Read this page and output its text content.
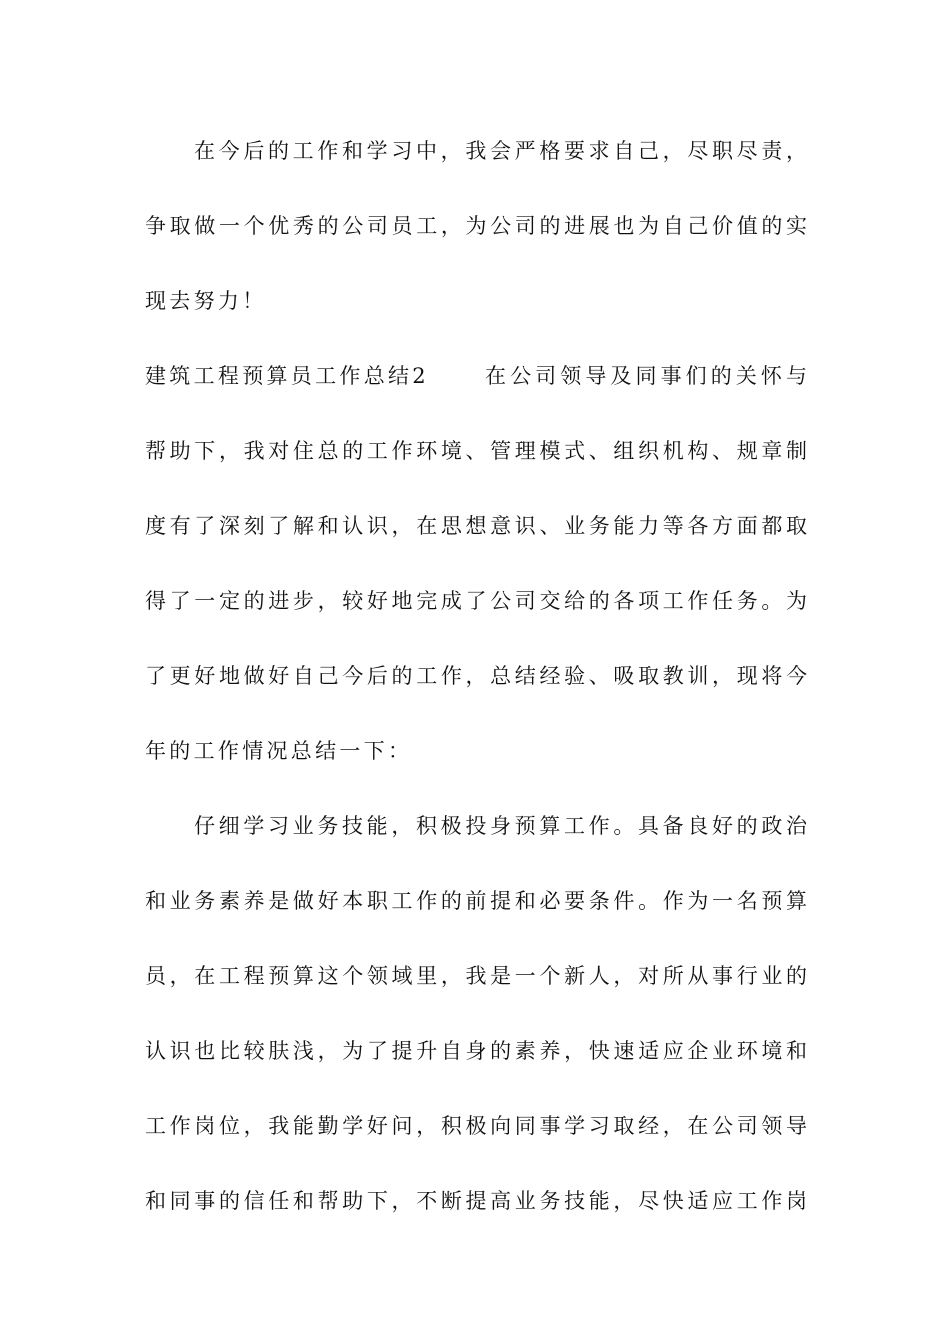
在今后的工作和学习中，我会严格要求自己，尽职尽责，
争取做一个优秀的公司员工，为公司的进展也为自己价值的实
现去努力！
建筑工程预算员工作总结2	在公司领导及同事们的关怀与
帮助下，我对住总的工作环境、管理模式、组织机构、规章制
度有了深刻了解和认识，在思想意识、业务能力等各方面都取
得了一定的进步，较好地完成了公司交给的各项工作任务。为
了更好地做好自己今后的工作，总结经验、吸取教训，现将今
年的工作情况总结一下：
仔细学习业务技能，积极投身预算工作。具备良好的政治
和业务素养是做好本职工作的前提和必要条件。作为一名预算
员，在工程预算这个领域里，我是一个新人，对所从事行业的
认识也比较肤浅，为了提升自身的素养，快速适应企业环境和
工作岗位，我能勤学好问，积极向同事学习取经，在公司领导
和同事的信任和帮助下，不断提高业务技能，尽快适应工作岗
